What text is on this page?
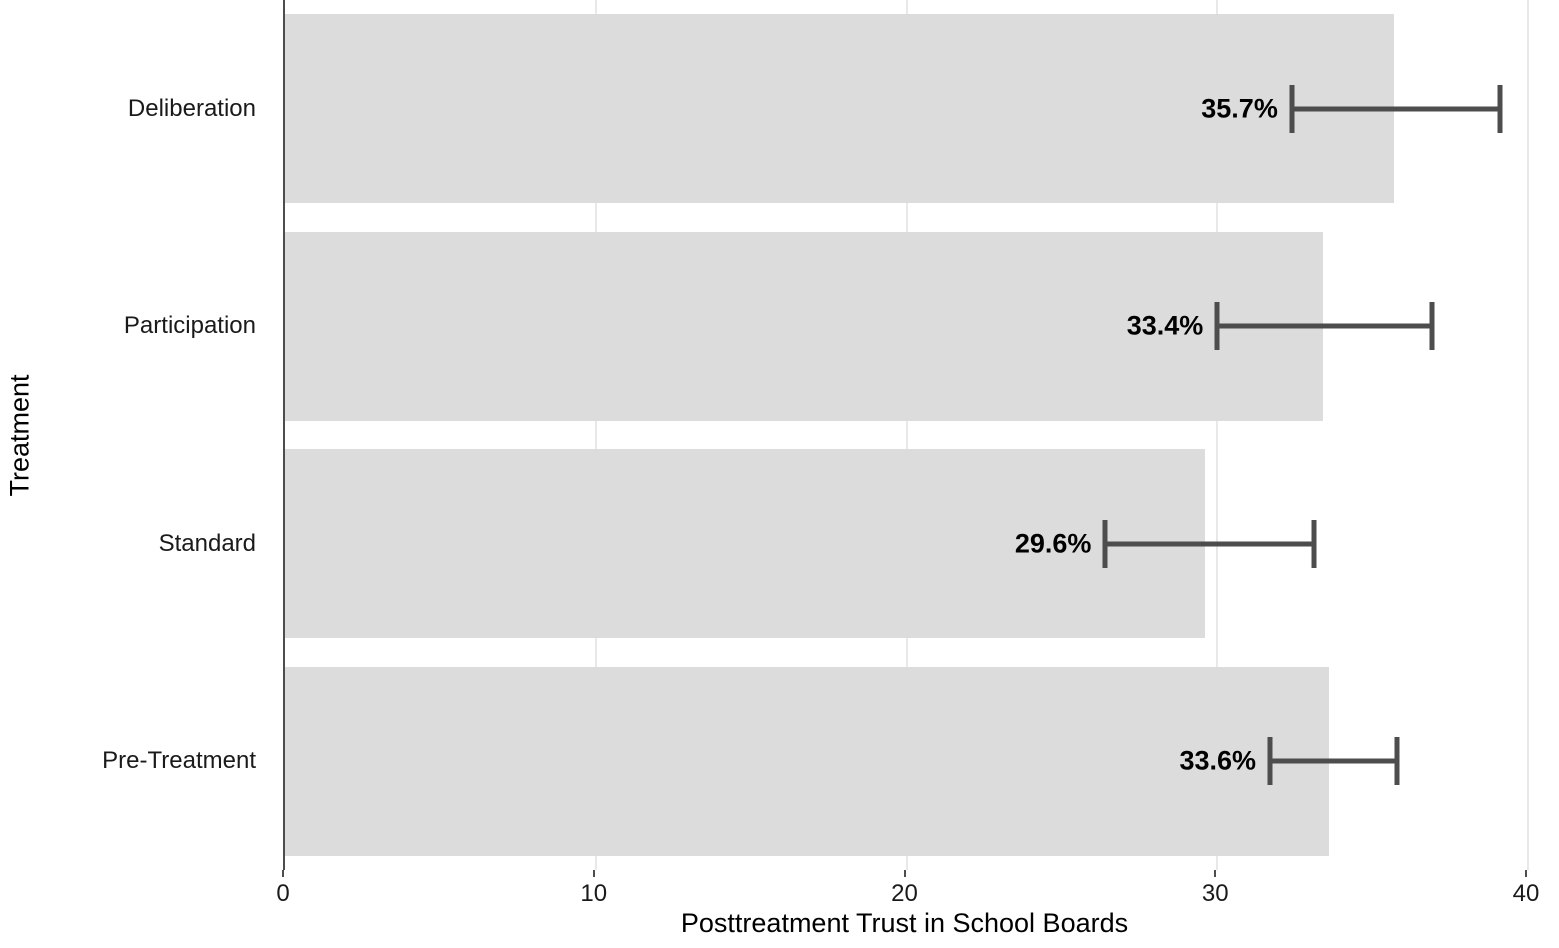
Treatment
Deliberation
Participation
Standard
Pre-Treatment
35.7%
33.4%
29.6%
33.6%
0	10	20	30	40
Posttreatment Trust in School Boards
